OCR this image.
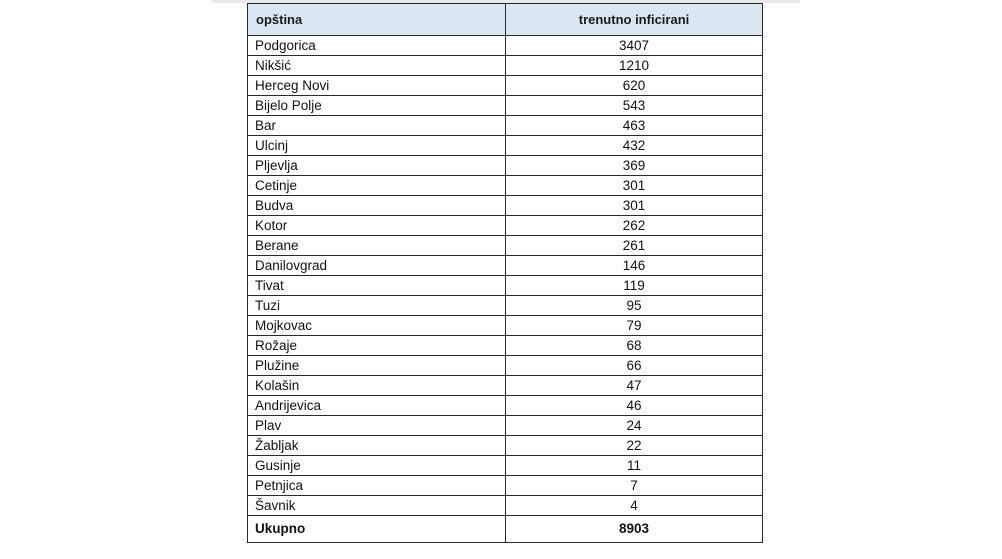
opština	trenutno inficirani
Podgorica	3407
Nikšić	1210
Herceg Novi	620
Bijelo Polje	543
Bar	463
Ulcinj	432
Pljevlja	369
Cetinje	301
Budva	301
Kotor	262
Berane	261
Danilovgrad	146
Tivat	119
Tuzi	95
Mojkovac	79
Rožaje	68
Plužine	66
Kolašin	47
Andrijevica	46
Plav	24
Žabljak	22
Gusinje	11
Petnjica	7
Šavnik	4
Ukupno	8903
